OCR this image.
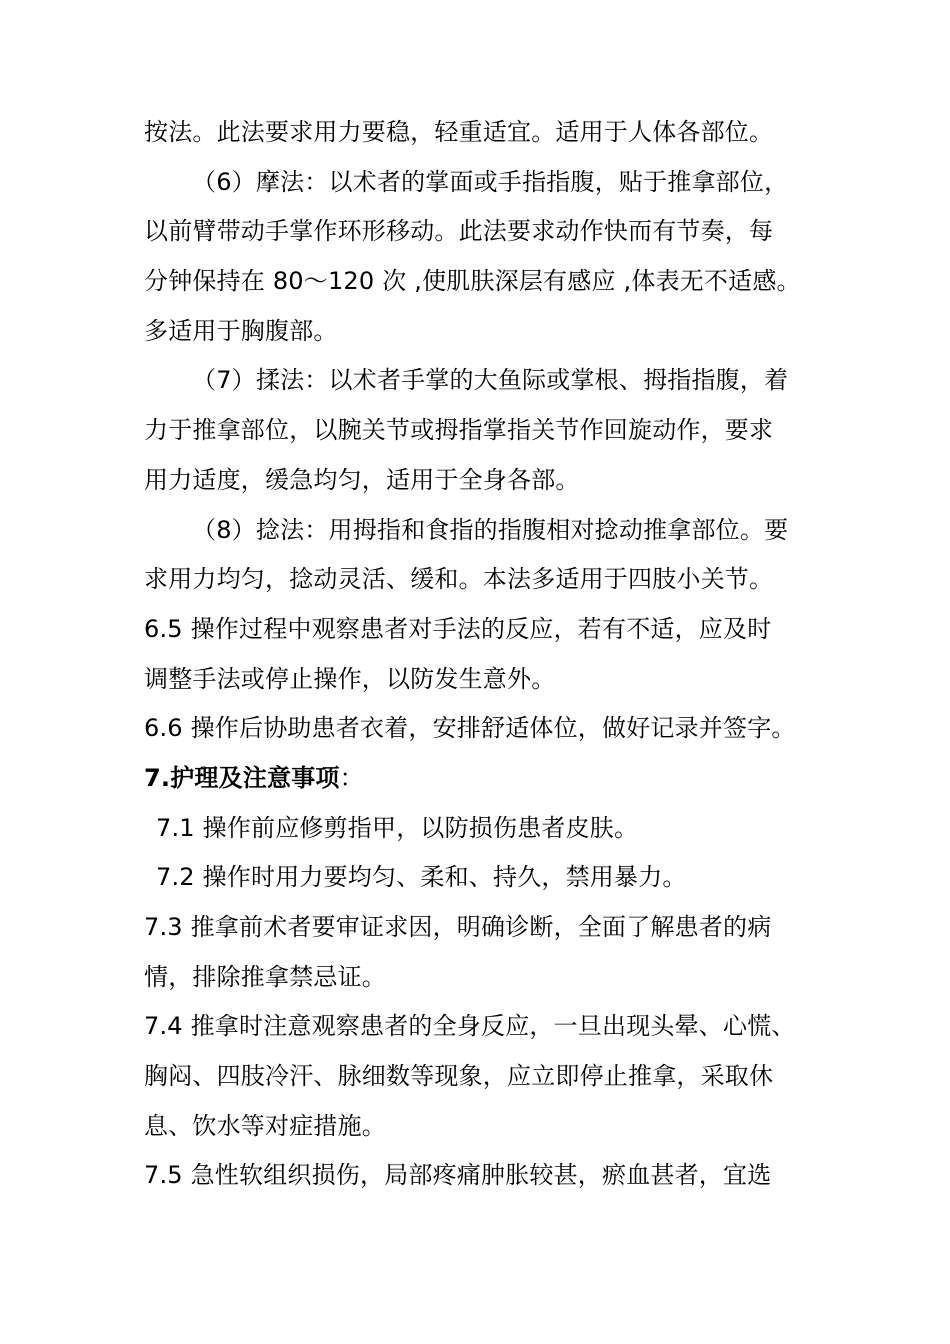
按法。此法要求用力要稳，轻重适宜。适用于人体各部位。
（6）摩法：以术者的掌面或手指指腹，贴于推拿部位，
以前臂带动手掌作环形移动。此法要求动作快而有节奏，每
分钟保持在 80～120 次 ,使肌肤深层有感应 ,体表无不适感。
多适用于胸腹部。
（7）揉法：以术者手掌的大鱼际或掌根、拇指指腹，着
力于推拿部位，以腕关节或拇指掌指关节作回旋动作，要求
用力适度，缓急均匀，适用于全身各部。
（8）捻法：用拇指和食指的指腹相对捻动推拿部位。要
求用力均匀，捻动灵活、缓和。本法多适用于四肢小关节。
6.5 操作过程中观察患者对手法的反应，若有不适，应及时
调整手法或停止操作，以防发生意外。
6.6 操作后协助患者衣着，安排舒适体位，做好记录并签字。
7.护理及注意事项：
7.1 操作前应修剪指甲，以防损伤患者皮肤。
7.2 操作时用力要均匀、柔和、持久，禁用暴力。
7.3 推拿前术者要审证求因，明确诊断，全面了解患者的病
情，排除推拿禁忌证。
7.4 推拿时注意观察患者的全身反应，一旦出现头晕、心慌、
胸闷、四肢冷汗、脉细数等现象，应立即停止推拿，采取休
息、饮水等对症措施。
7.5 急性软组织损伤，局部疼痛肿胀较甚，瘀血甚者，宜选
